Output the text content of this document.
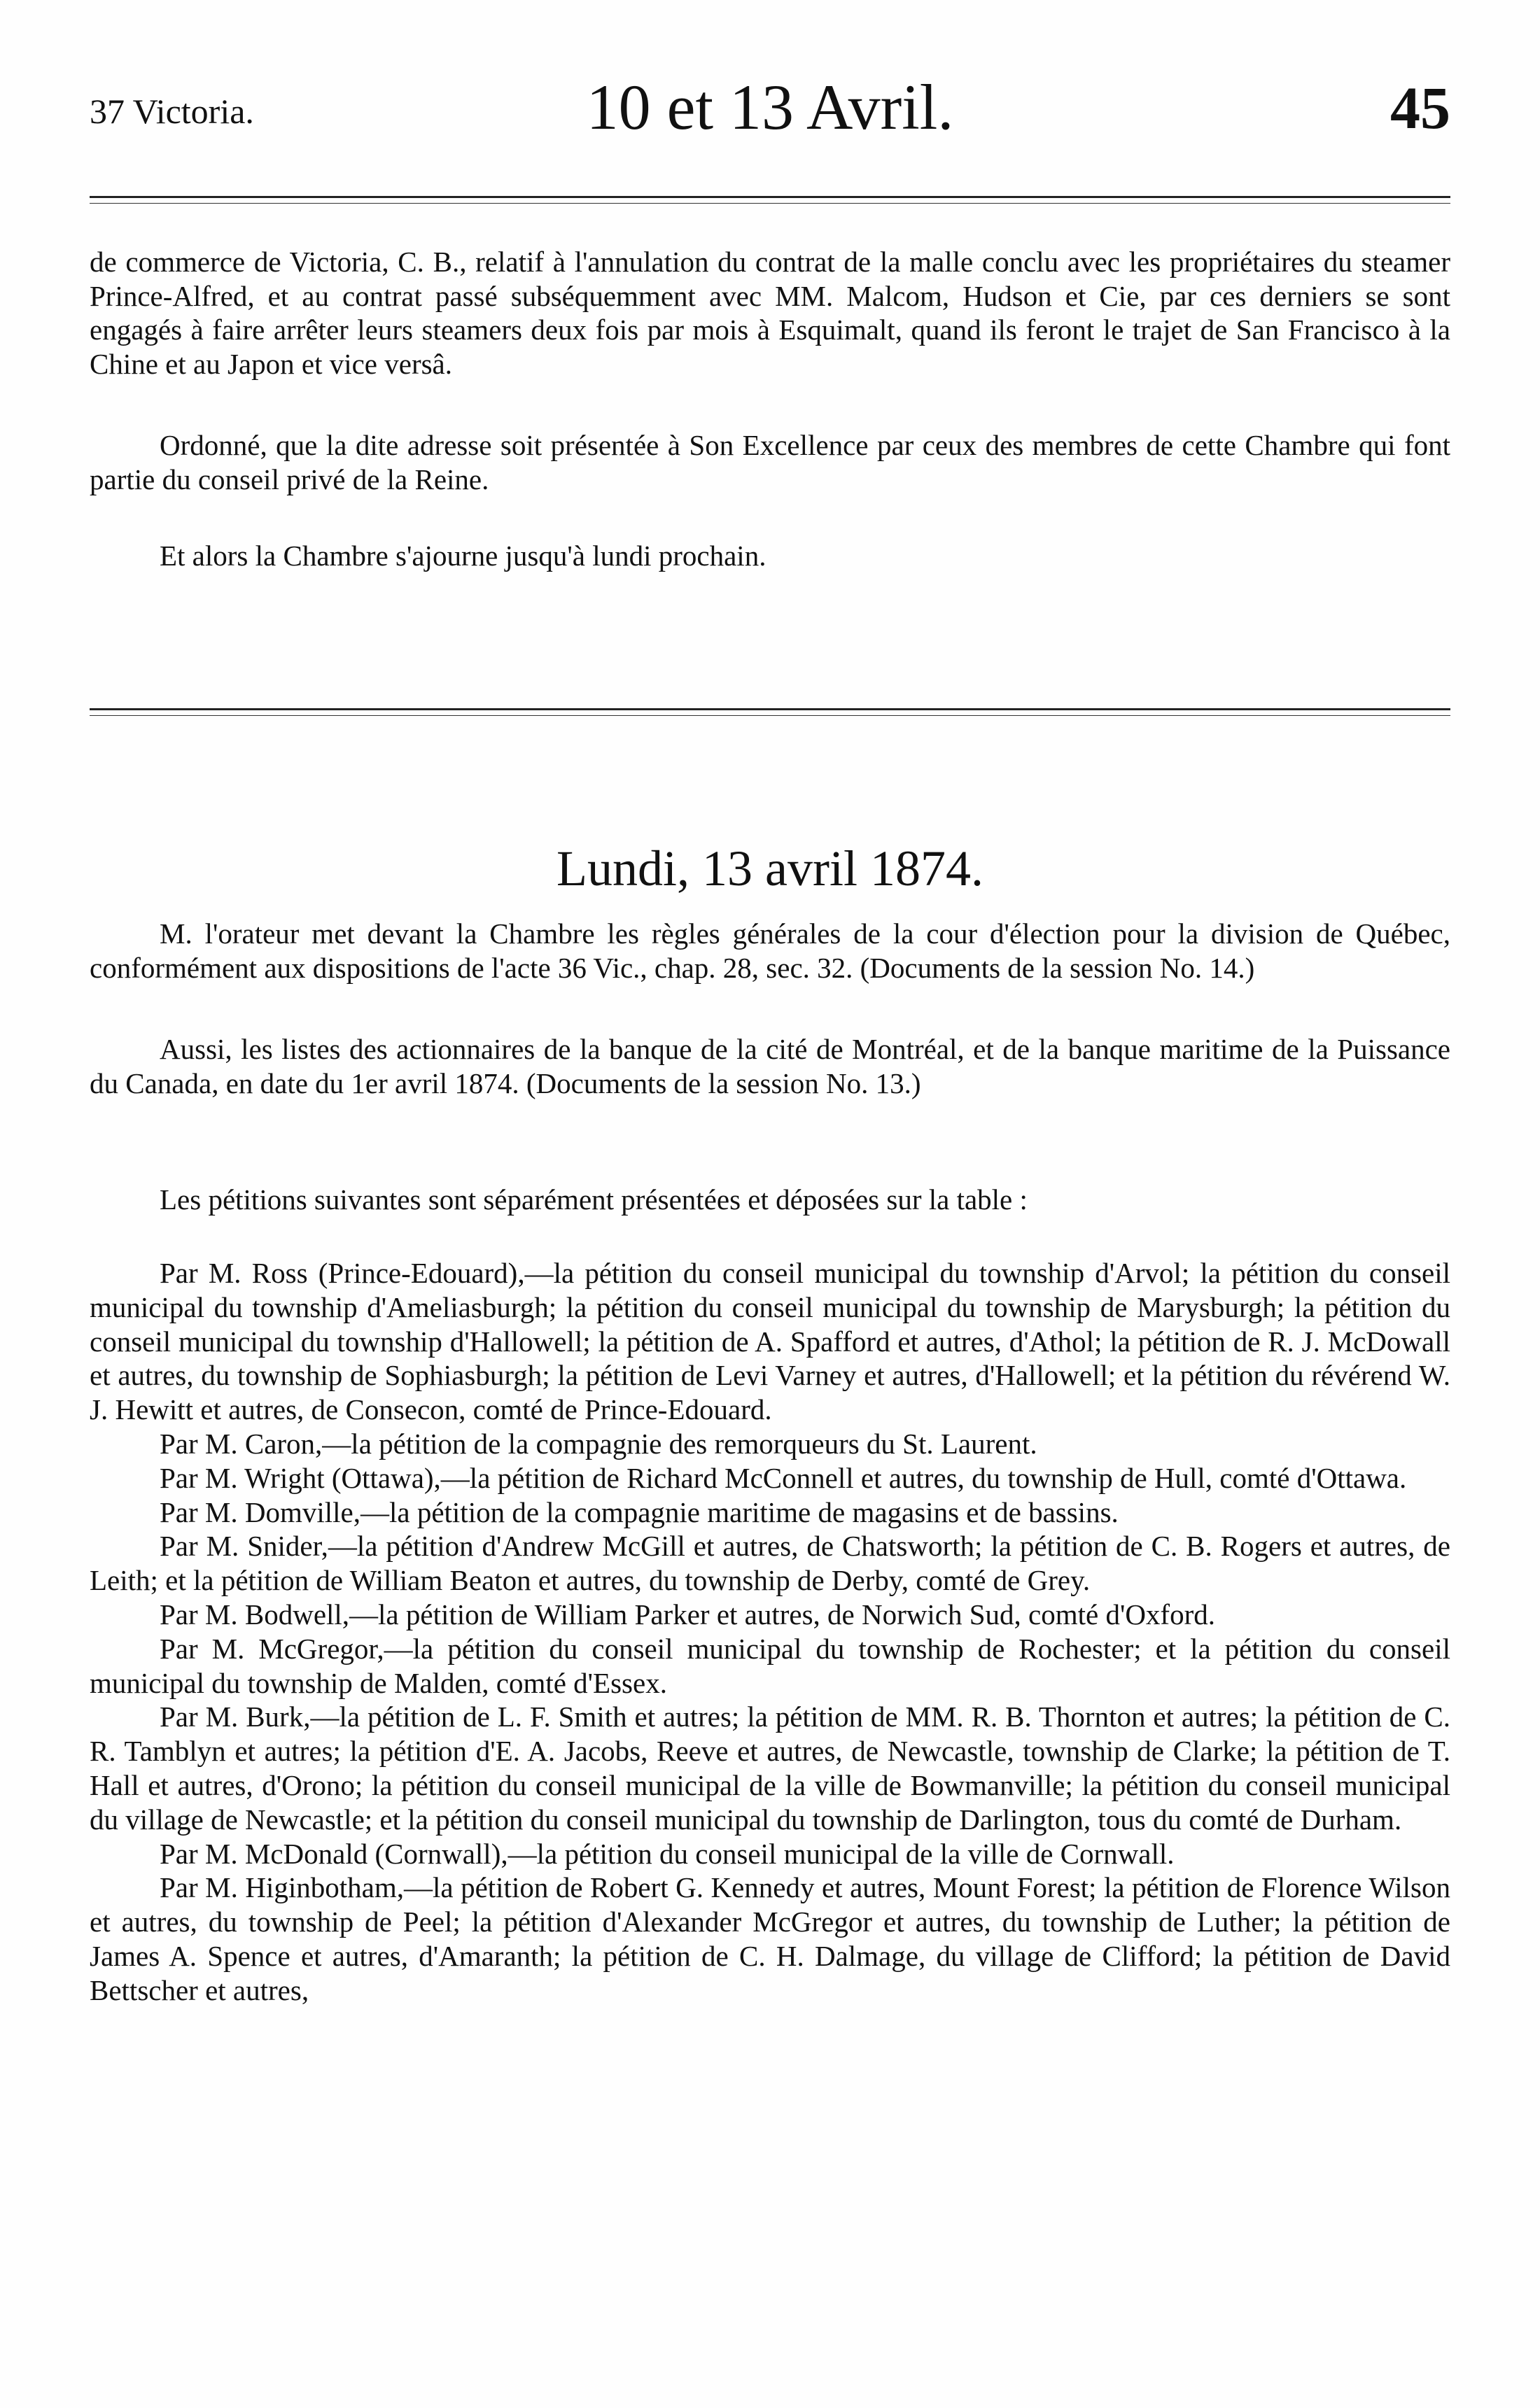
37 Victoria.	10 et 13 Avril.	45
de commerce de Victoria, C. B., relatif à l'annulation du contrat de la malle conclu avec les propriétaires du steamer Prince-Alfred, et au contrat passé subséquemment avec MM. Malcom, Hudson et Cie, par ces derniers se sont engagés à faire arrêter leurs steamers deux fois par mois à Esquimalt, quand ils feront le trajet de San Francisco à la Chine et au Japon et vice versâ.
Ordonné, que la dite adresse soit présentée à Son Excellence par ceux des membres de cette Chambre qui font partie du conseil privé de la Reine.
Et alors la Chambre s'ajourne jusqu'à lundi prochain.
Lundi, 13 avril 1874.
M. l'orateur met devant la Chambre les règles générales de la cour d'élection pour la division de Québec, conformément aux dispositions de l'acte 36 Vic., chap. 28, sec. 32. (Documents de la session No. 14.)
Aussi, les listes des actionnaires de la banque de la cité de Montréal, et de la banque maritime de la Puissance du Canada, en date du 1er avril 1874. (Documents de la session No. 13.)
Les pétitions suivantes sont séparément présentées et déposées sur la table :

Par M. Ross (Prince-Edouard),—la pétition du conseil municipal du township d'Arvol; la pétition du conseil municipal du township d'Ameliasburgh; la pétition du conseil municipal du township de Marysburgh; la pétition du conseil municipal du township d'Hallowell; la pétition de A. Spafford et autres, d'Athol; la pétition de R. J. McDowall et autres, du township de Sophiasburgh; la pétition de Levi Varney et autres, d'Hallowell; et la pétition du révérend W. J. Hewitt et autres, de Consecon, comté de Prince-Edouard.

Par M. Caron,—la pétition de la compagnie des remorqueurs du St. Laurent.

Par M. Wright (Ottawa),—la pétition de Richard McConnell et autres, du township de Hull, comté d'Ottawa.

Par M. Domville,—la pétition de la compagnie maritime de magasins et de bassins.

Par M. Snider,—la pétition d'Andrew McGill et autres, de Chatsworth; la pétition de C. B. Rogers et autres, de Leith; et la pétition de William Beaton et autres, du township de Derby, comté de Grey.

Par M. Bodwell,—la pétition de William Parker et autres, de Norwich Sud, comté d'Oxford.

Par M. McGregor,—la pétition du conseil municipal du township de Rochester; et la pétition du conseil municipal du township de Malden, comté d'Essex.

Par M. Burk,—la pétition de L. F. Smith et autres; la pétition de MM. R. B. Thornton et autres; la pétition de C. R. Tamblyn et autres; la pétition d'E. A. Jacobs, Reeve et autres, de Newcastle, township de Clarke; la pétition de T. Hall et autres, d'Orono; la pétition du conseil municipal de la ville de Bowmanville; la pétition du conseil municipal du village de Newcastle; et la pétition du conseil municipal du township de Darlington, tous du comté de Durham.

Par M. McDonald (Cornwall),—la pétition du conseil municipal de la ville de Cornwall.

Par M. Higinbotham,—la pétition de Robert G. Kennedy et autres, Mount Forest; la pétition de Florence Wilson et autres, du township de Peel; la pétition d'Alexander McGregor et autres, du township de Luther; la pétition de James A. Spence et autres, d'Amaranth; la pétition de C. H. Dalmage, du village de Clifford; la pétition de David Bettscher et autres,
